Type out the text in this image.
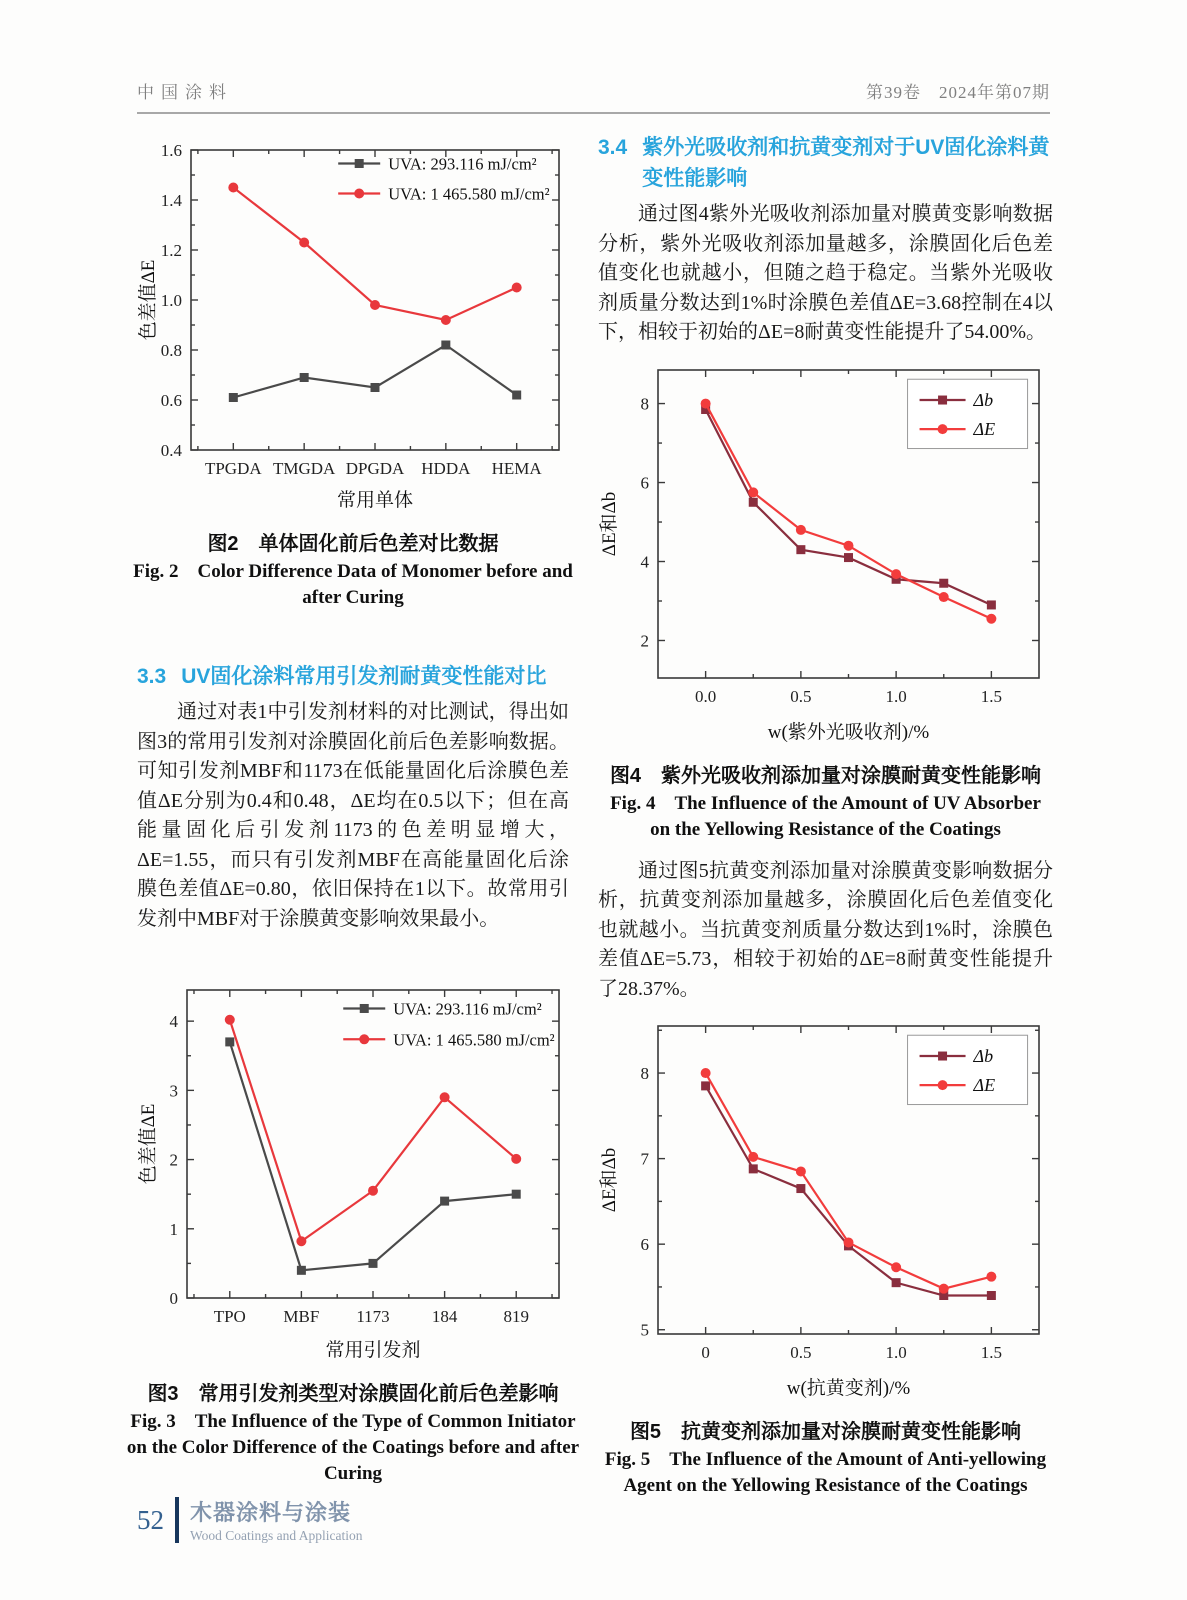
中国涂料	第39卷　2024年第07期
0.4
0.6
0.8
1.0
1.2
1.4
1.6
TPGDA TMGDA DPGDA HDDA HEMA
UVA: 293.116 mJ/cm²
UVA: 1 465.580 mJ/cm²
常用单体
色差值ΔE
图2　单体固化前后色差对比数据
Fig. 2　Color Difference Data of Monomer before and after Curing
3.3 UV固化涂料常用引发剂耐黄变性能对比

通过对表1中引发剂材料的对比测试，得出如图3的常用引发剂对涂膜固化前后色差影响数据。可知引发剂MBF和1173在低能量固化后涂膜色差值ΔE分别为0.4和0.48，ΔE均在0.5以下；但在高能量固化后引发剂1173的色差明显增大，ΔE=1.55，而只有引发剂MBF在高能量固化后涂膜色差值ΔE=0.80，依旧保持在1以下。故常用引发剂中MBF对于涂膜黄变影响效果最小。

0
1
2
3
4
TPO MBF 1173 184	819
UVA: 293.116 mJ/cm²
UVA: 1 465.580 mJ/cm²
常用引发剂
色差值ΔE
图3　常用引发剂类型对涂膜固化前后色差影响
Fig. 3　The Influence of the Type of Common Initiator on the Color Difference of the Coatings before and after Curing
3.4 紫外光吸收剂和抗黄变剂对于UV固化涂料黄变性能影响

通过图4紫外光吸收剂添加量对膜黄变影响数据分析，紫外光吸收剂添加量越多，涂膜固化后色差值变化也就越小，但随之趋于稳定。当紫外光吸收剂质量分数达到1%时涂膜色差值ΔE=3.68控制在4以下，相较于初始的ΔE=8耐黄变性能提升了54.00%。

2
4
6
8
0.0	0.5	1.0	1.5
Δb
ΔE
w(紫外光吸收剂)/%
ΔE和Δb
图4　紫外光吸收剂添加量对涂膜耐黄变性能影响
Fig. 4　The Influence of the Amount of UV Absorber on the Yellowing Resistance of the Coatings

通过图5抗黄变剂添加量对涂膜黄变影响数据分析，抗黄变剂添加量越多，涂膜固化后色差值变化也就越小。当抗黄变剂质量分数达到1%时，涂膜色差值ΔE=5.73，相较于初始的ΔE=8耐黄变性能提升了28.37%。

5
6
7
8
0	0.5	1.0	1.5
Δb
ΔE
w(抗黄变剂)/%
ΔE和Δb
图5　抗黄变剂添加量对涂膜耐黄变性能影响
Fig. 5　The Influence of the Amount of Anti-yellowing Agent on the Yellowing Resistance of the Coatings
52 木器涂料与涂装
Wood Coatings and Application
